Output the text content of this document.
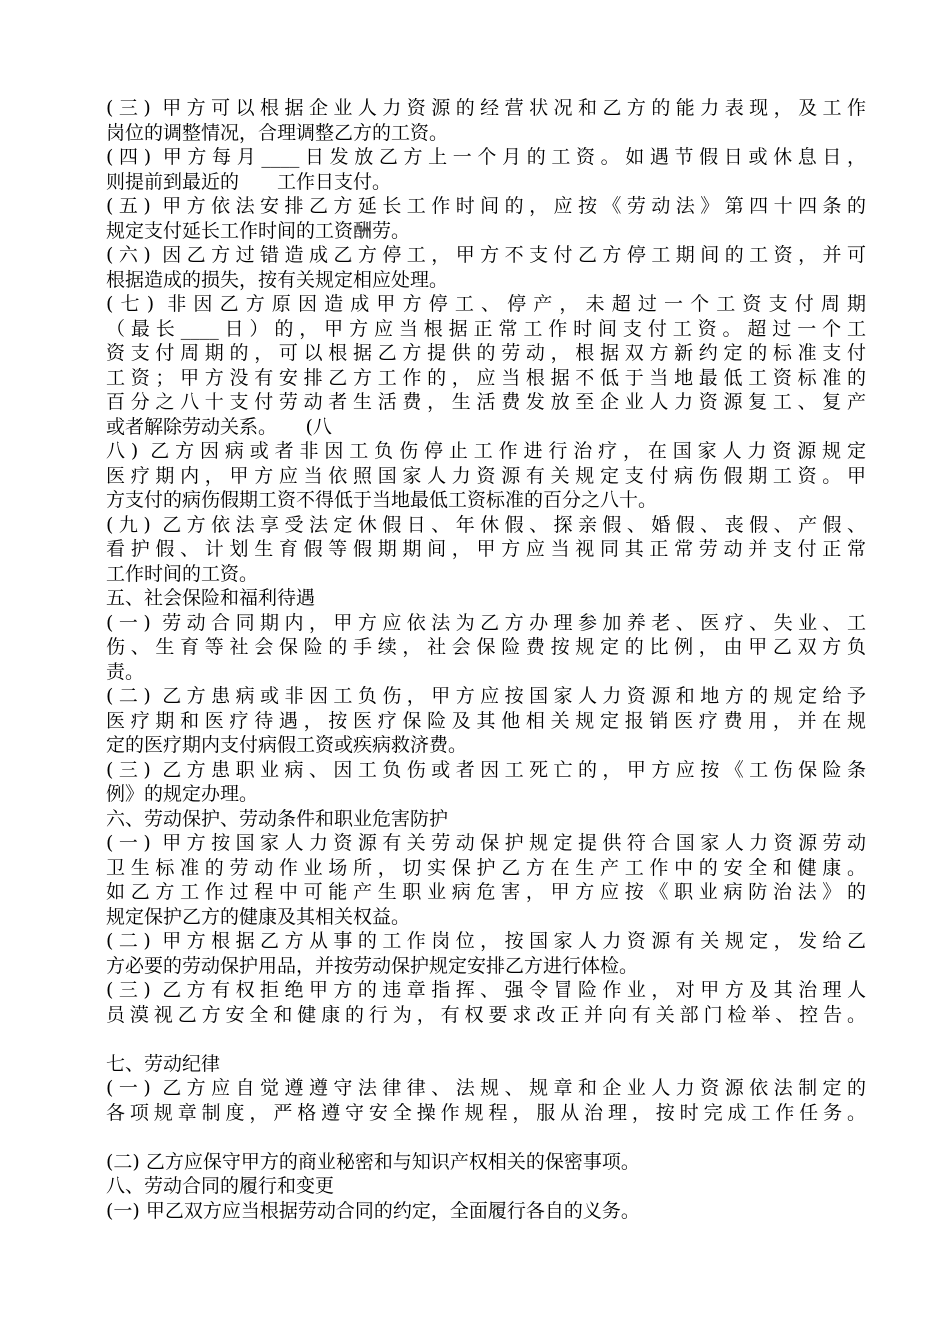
(三) 甲方可以根据企业人力资源的经营状况和乙方的能力表现，及工作
岗位的调整情况，合理调整乙方的工资。
(四) 甲方每月____日发放乙方上一个月的工资。如遇节假日或休息日，
则提前到最近的　　工作日支付。
(五) 甲方依法安排乙方延长工作时间的，应按《劳动法》第四十四条的
规定支付延长工作时间的工资酬劳。
(六) 因乙方过错造成乙方停工，甲方不支付乙方停工期间的工资，并可
根据造成的损失，按有关规定相应处理。
(七) 非因乙方原因造成甲方停工、停产，未超过一个工资支付周期
（最长____日）的，甲方应当根据正常工作时间支付工资。超过一个工
资支付周期的，可以根据乙方提供的劳动，根据双方新约定的标准支付
工资；甲方没有安排乙方工作的，应当根据不低于当地最低工资标准的
百分之八十支付劳动者生活费，生活费发放至企业人力资源复工、复产
或者解除劳动关系。　　(八
八) 乙方因病或者非因工负伤停止工作进行治疗，在国家人力资源规定
医疗期内，甲方应当依照国家人力资源有关规定支付病伤假期工资。甲
方支付的病伤假期工资不得低于当地最低工资标准的百分之八十。
(九) 乙方依法享受法定休假日、年休假、探亲假、婚假、丧假、产假、
看护假、计划生育假等假期期间，甲方应当视同其正常劳动并支付正常
工作时间的工资。
五、社会保险和福利待遇
(一) 劳动合同期内，甲方应依法为乙方办理参加养老、医疗、失业、工
伤、生育等社会保险的手续，社会保险费按规定的比例，由甲乙双方负
责。
(二) 乙方患病或非因工负伤，甲方应按国家人力资源和地方的规定给予
医疗期和医疗待遇，按医疗保险及其他相关规定报销医疗费用，并在规
定的医疗期内支付病假工资或疾病救济费。
(三) 乙方患职业病、因工负伤或者因工死亡的，甲方应按《工伤保险条
例》的规定办理。
六、劳动保护、劳动条件和职业危害防护
(一) 甲方按国家人力资源有关劳动保护规定提供符合国家人力资源劳动
卫生标准的劳动作业场所，切实保护乙方在生产工作中的安全和健康。
如乙方工作过程中可能产生职业病危害，甲方应按《职业病防治法》的
规定保护乙方的健康及其相关权益。
(二) 甲方根据乙方从事的工作岗位，按国家人力资源有关规定，发给乙
方必要的劳动保护用品，并按劳动保护规定安排乙方进行体检。
(三) 乙方有权拒绝甲方的违章指挥、强令冒险作业，对甲方及其治理人
员漠视乙方安全和健康的行为，有权要求改正并向有关部门检举、控告。
七、劳动纪律
(一) 乙方应自觉遵遵守法律律、法规、规章和企业人力资源依法制定的
各项规章制度，严格遵守安全操作规程，服从治理，按时完成工作任务。
(二) 乙方应保守甲方的商业秘密和与知识产权相关的保密事项。
八、劳动合同的履行和变更
(一) 甲乙双方应当根据劳动合同的约定，全面履行各自的义务。
